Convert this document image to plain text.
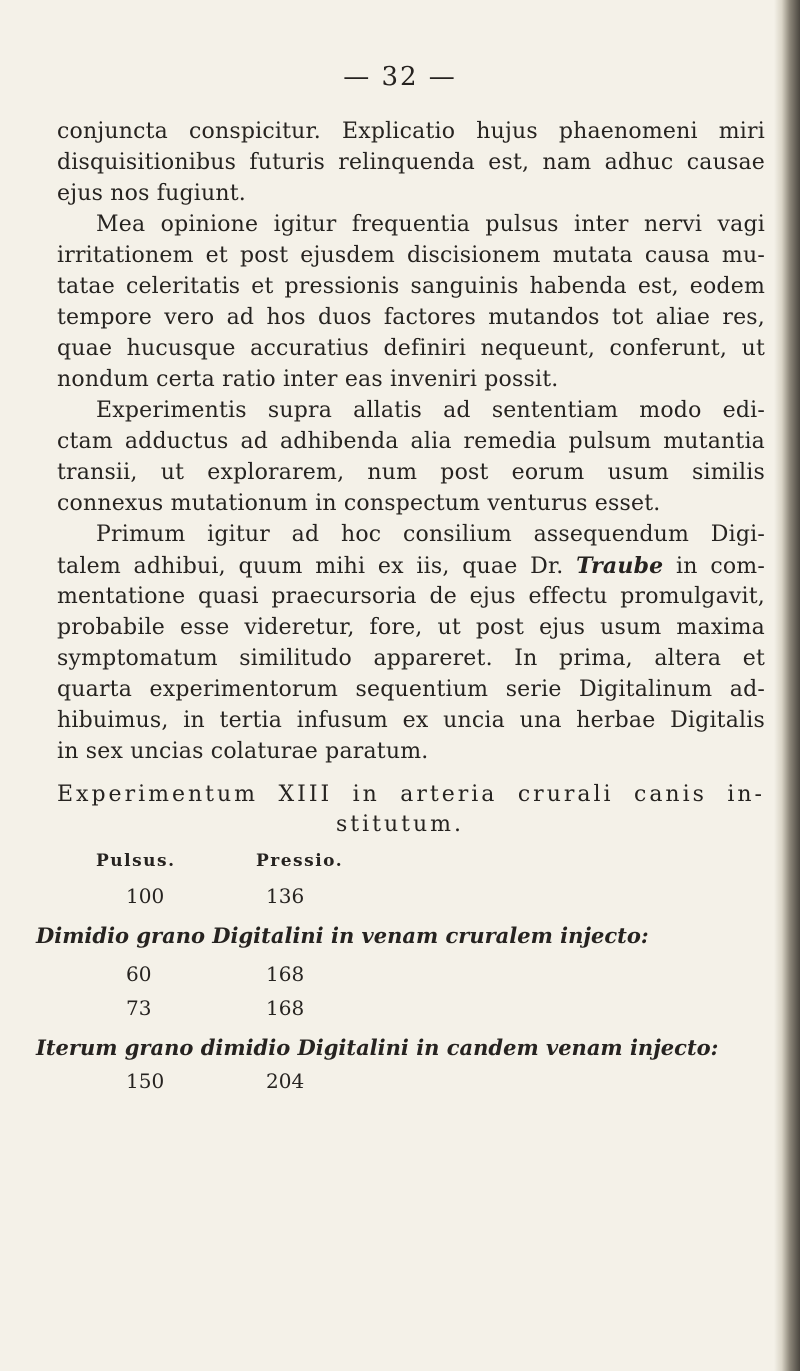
— 32 —
conjuncta conspicitur. Explicatio hujus phaenomeni miri
disquisitionibus futuris relinquenda est, nam adhuc causae
ejus nos fugiunt.
Mea opinione igitur frequentia pulsus inter nervi vagi
irritationem et post ejusdem discisionem mutata causa mu-
tatae celeritatis et pressionis sanguinis habenda est, eodem
tempore vero ad hos duos factores mutandos tot aliae res,
quae hucusque accuratius definiri nequeunt, conferunt, ut
nondum certa ratio inter eas inveniri possit.
Experimentis supra allatis ad sententiam modo edi-
ctam adductus ad adhibenda alia remedia pulsum mutantia
transii, ut explorarem, num post eorum usum similis
connexus mutationum in conspectum venturus esset.
Primum igitur ad hoc consilium assequendum Digi-
talem adhibui, quum mihi ex iis, quae Dr. Traube in com-
mentatione quasi praecursoria de ejus effectu promulgavit,
probabile esse videretur, fore, ut post ejus usum maxima
symptomatum similitudo appareret. In prima, altera et
quarta experimentorum sequentium serie Digitalinum ad-
hibuimus, in tertia infusum ex uncia una herbae Digitalis
in sex uncias colaturae paratum.
Experimentum XIII in arteria crurali canis in-
stitutum.
Pulsus.	Pressio.
100	136
Dimidio grano Digitalini in venam cruralem injecto:
60	168
73	168
Iterum grano dimidio Digitalini in candem venam injecto:
150	204
